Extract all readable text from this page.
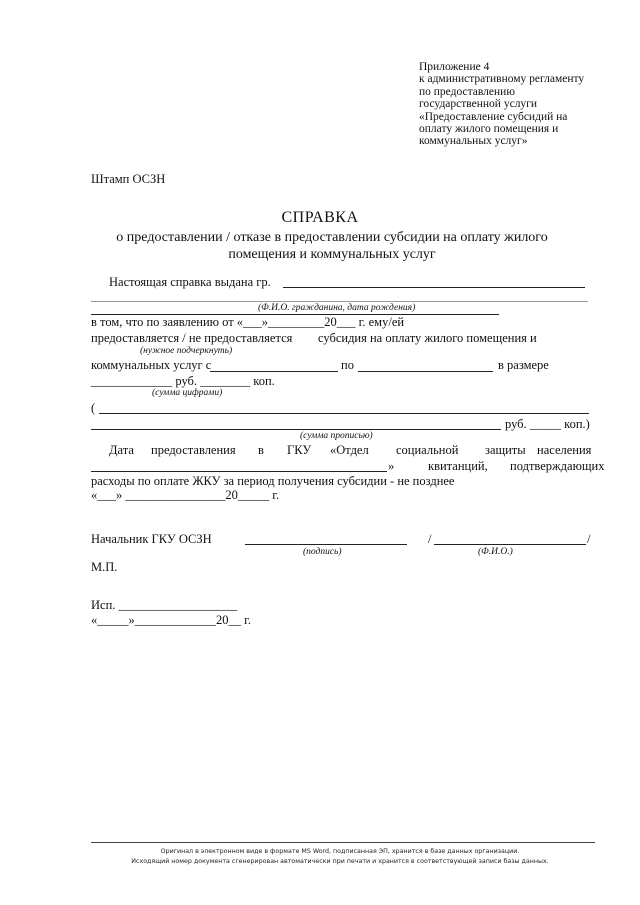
Приложение 4
к административному регламенту
по предоставлению
государственной услуги
«Предоставление субсидий на
оплату жилого помещения и
коммунальных услуг»
Штамп ОСЗН
СПРАВКА
о предоставлении / отказе в предоставлении субсидии на оплату жилого
помещения и коммунальных услуг
Настоящая справка выдана гр.
(Ф.И.О. гражданина, дата рождения)
в том, что по заявлению от «___»_________20___ г. ему/ей
предоставляется / не предоставляется субсидия на оплату жилого помещения и
(нужное подчеркнуть)
коммунальных услуг с	по	в размере
_____________ руб. ________ коп.
(сумма цифрами)
(
руб. _____ коп.)
(сумма прописью)
Дата предоставления в ГКУ «Отдел социальной защиты населения
»	квитанций, подтверждающих
расходы по оплате ЖКУ за период получения субсидии - не позднее
«___» ________________20_____ г.
Начальник ГКУ ОСЗН	/	/
(подпись)	(Ф.И.О.)
М.П.
Исп. ___________________
«_____»_____________20__ г.
Оригинал в электронном виде в формате MS Word, подписанная ЭП, хранится в базе данных организации.
Исходящий номер документа сгенерирован автоматически при печати и хранится в соответствующей записи базы данных.
